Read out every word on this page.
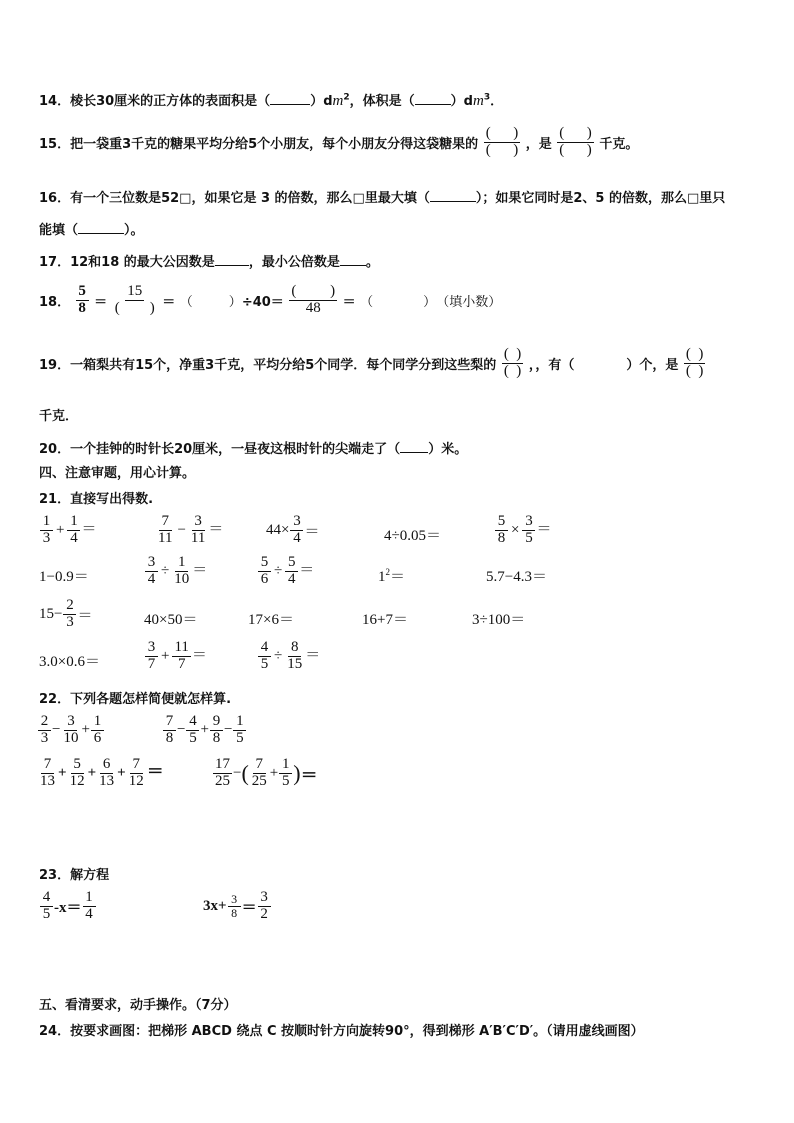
14．棱长30厘米的正方体的表面积是（	）$dm^2$，体积是（	）$dm^3$．
15．把一袋重3千克的糖果平均分给5个小朋友，每个小朋友分得这袋糖果的
(      )
(      ) ，是
(      )
(      ) 千克。
16．有一个三位数是52□，如果它是 3 的倍数，那么□里最大填（	）；如果它同时是2、5 的倍数，那么□里只
能填（	）。
17．12和18 的最大公因数是	，最小公倍数是 。
18． $\frac{5}{8}$ ＝
15
(        ) ＝ （	）÷40＝
(         )
48 ＝ （	）（填小数）
19．一箱梨共有15个，净重3千克，平均分给5个同学．每个同学分到这些梨的
(  )
(  ) ，，有（	）个，是
(  )
(  )
千克．
20．一个挂钟的时针长20厘米，一昼夜这根时针的尖端走了（ ）米。
四、注意审题，用心计算。
21．直接写出得数.
$\frac{1}{3} + \frac{1}{4}$ ＝	$\frac{7}{11} - \frac{3}{11}$ ＝	$44\times \frac{3}{4}$ ＝	4÷0.05＝	$\frac{5}{8} \times \frac{3}{5}$ ＝
1−0.9＝	$\frac{3}{4} \div \frac{1}{10}$ ＝	$\frac{5}{6} \div \frac{5}{4}$ ＝	$1^2=$	5.7−4.3＝
$15- \frac{2}{3}$ ＝	40×50＝	17×6＝	16+7＝	3÷100＝
3.0×0.6＝	$\frac{3}{7} + \frac{11}{7}$ ＝	$\frac{4}{5} \div \frac{8}{15}$ ＝
22．下列各题怎样简便就怎样算.
$\frac{2}{3} - \frac{3}{10} + \frac{1}{6}$	$\frac{7}{8} - \frac{4}{5} + \frac{9}{8} - \frac{1}{5}$
$\frac{7}{13} + \frac{5}{12} + \frac{6}{13} + \frac{7}{12}$ ＝	$\frac{17}{25}$ −( $\frac{7}{25} + \frac{1}{5}$ )＝
23．解方程
$\frac{4}{5} -x= \frac{1}{4}$	$3x+ \frac{3}{8} = \frac{3}{2}$
五、看清要求，动手操作。（7分）
24．按要求画图：把梯形 ABCD 绕点 C 按顺时针方向旋转90°，得到梯形 A′B′C′D′。（请用虚线画图）
